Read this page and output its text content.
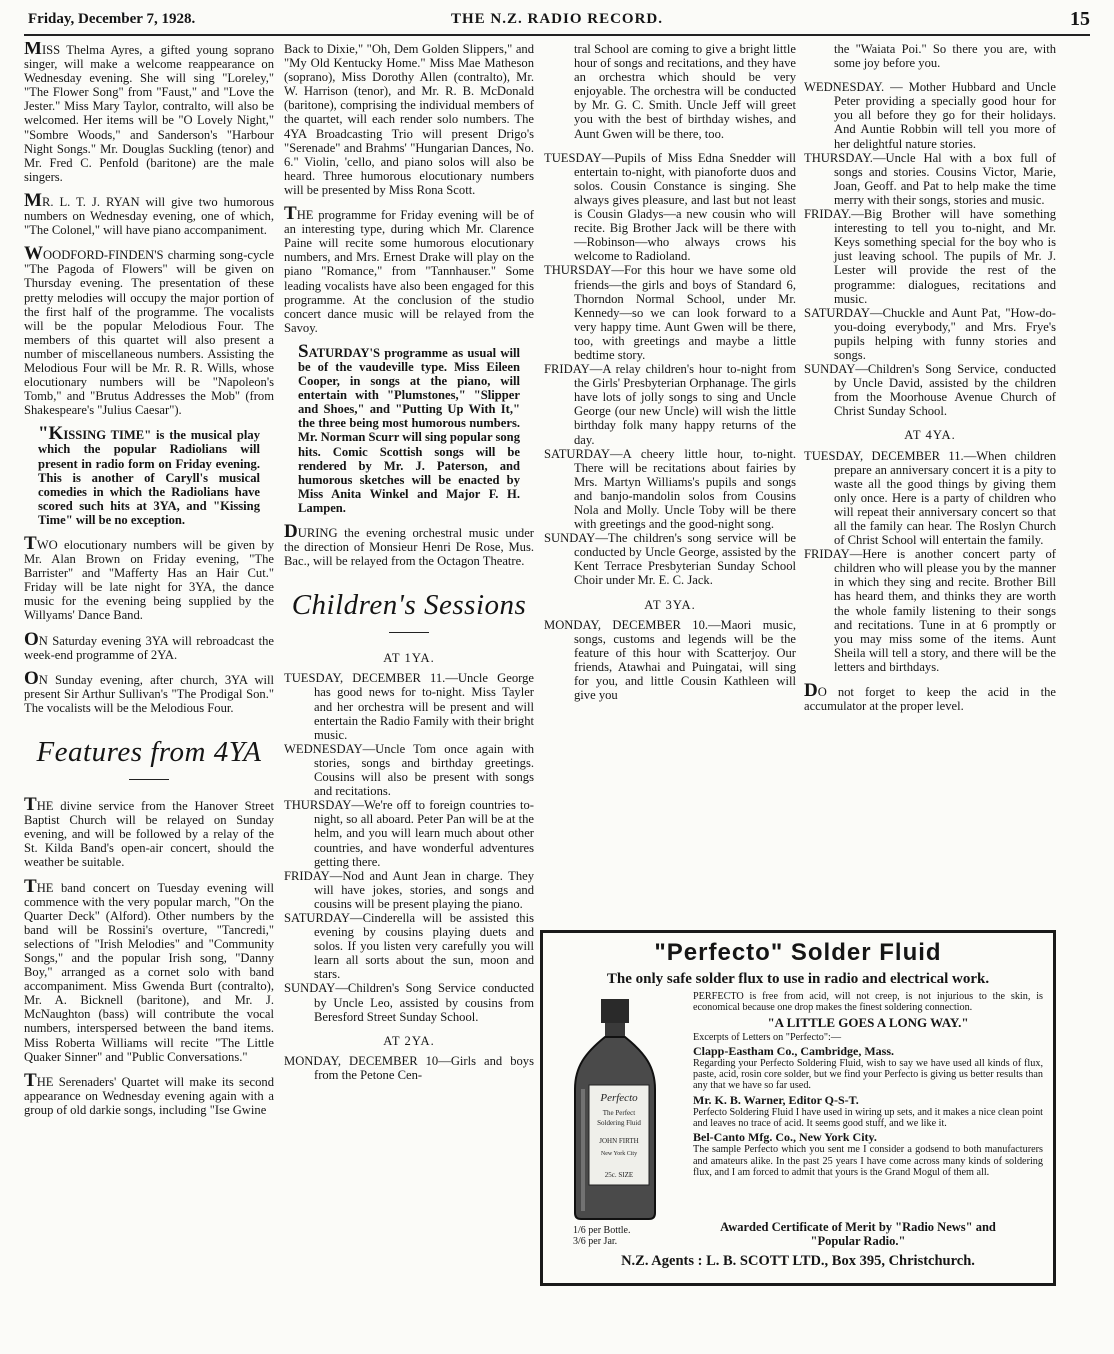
Friday, December 7, 1928.	THE N.Z. RADIO RECORD.	15

MISS Thelma Ayres, a gifted young soprano singer, will make a welcome reappearance on Wednesday evening. She will sing "Loreley," "The Flower Song" from "Faust," and "Love the Jester." Miss Mary Taylor, contralto, will also be welcomed. Her items will be "O Lovely Night," "Sombre Woods," and Sanderson's "Harbour Night Songs." Mr. Douglas Suckling (tenor) and Mr. Fred C. Penfold (baritone) are the male singers.

MR. L. T. J. RYAN will give two humorous numbers on Wednesday evening, one of which, "The Colonel," will have piano accompaniment.

WOODFORD-FINDEN'S charming song-cycle "The Pagoda of Flowers" will be given on Thursday evening. The presentation of these pretty melodies will occupy the major portion of the first half of the programme. The vocalists will be the popular Melodious Four. The members of this quartet will also present a number of miscellaneous numbers. Assisting the Melodious Four will be Mr. R. R. Wills, whose elocutionary numbers will be "Napoleon's Tomb," and "Brutus Addresses the Mob" (from Shakespeare's "Julius Caesar").

"KISSING TIME" is the musical play which the popular Radiolians will present in radio form on Friday evening. This is another of Caryll's musical comedies in which the Radiolians have scored such hits at 3YA, and "Kissing Time" will be no exception.

TWO elocutionary numbers will be given by Mr. Alan Brown on Friday evening, "The Barrister" and "Mafferty Has an Hair Cut." Friday will be late night for 3YA, the dance music for the evening being supplied by the Willyams' Dance Band.

ON Saturday evening 3YA will rebroadcast the week-end programme of 2YA.

ON Sunday evening, after church, 3YA will present Sir Arthur Sullivan's "The Prodigal Son." The vocalists will be the Melodious Four.

Features from 4YA

THE divine service from the Hanover Street Baptist Church will be relayed on Sunday evening, and will be followed by a relay of the St. Kilda Band's open-air concert, should the weather be suitable.

THE band concert on Tuesday evening will commence with the very popular march, "On the Quarter Deck" (Alford). Other numbers by the band will be Rossini's overture, "Tancredi," selections of "Irish Melodies" and "Community Songs," and the popular Irish song, "Danny Boy," arranged as a cornet solo with band accompaniment. Miss Gwenda Burt (contralto), Mr. A. Bicknell (baritone), and Mr. J. McNaughton (bass) will contribute the vocal numbers, interspersed between the band items. Miss Roberta Williams will recite "The Little Quaker Sinner" and "Public Conversations."

THE Serenaders' Quartet will make its second appearance on Wednesday evening again with a group of old darkie songs, including "Ise Gwine

Back to Dixie," "Oh, Dem Golden Slippers," and "My Old Kentucky Home." Miss Mae Matheson (soprano), Miss Dorothy Allen (contralto), Mr. W. Harrison (tenor), and Mr. R. B. McDonald (baritone), comprising the individual members of the quartet, will each render solo numbers. The 4YA Broadcasting Trio will present Drigo's "Serenade" and Brahms' "Hungarian Dances, No. 6." Violin, 'cello, and piano solos will also be heard. Three humorous elocutionary numbers will be presented by Miss Rona Scott.

THE programme for Friday evening will be of an interesting type, during which Mr. Clarence Paine will recite some humorous elocutionary numbers, and Mrs. Ernest Drake will play on the piano "Romance," from "Tannhauser." Some leading vocalists have also been engaged for this programme. At the conclusion of the studio concert dance music will be relayed from the Savoy.

SATURDAY'S programme as usual will be of the vaudeville type. Miss Eileen Cooper, in songs at the piano, will entertain with "Plumstones," "Slipper and Shoes," and "Putting Up With It," the three being most humorous numbers. Mr. Norman Scurr will sing popular song hits. Comic Scottish songs will be rendered by Mr. J. Paterson, and humorous sketches will be enacted by Miss Anita Winkel and Major F. H. Lampen.

DURING the evening orchestral music under the direction of Monsieur Henri De Rose, Mus. Bac., will be relayed from the Octagon Theatre.

Children's Sessions

AT 1YA.

TUESDAY, DECEMBER 11.—Uncle George has good news for to-night. Miss Tayler and her orchestra will be present and will entertain the Radio Family with their bright music.

WEDNESDAY—Uncle Tom once again with stories, songs and birthday greetings. Cousins will also be present with songs and recitations.

THURSDAY—We're off to foreign countries to-night, so all aboard. Peter Pan will be at the helm, and you will learn much about other countries, and have wonderful adventures getting there.

FRIDAY—Nod and Aunt Jean in charge. They will have jokes, stories, and songs and cousins will be present playing the piano.

SATURDAY—Cinderella will be assisted this evening by cousins playing duets and solos. If you listen very carefully you will learn all sorts about the sun, moon and stars.

SUNDAY—Children's Song Service conducted by Uncle Leo, assisted by cousins from Beresford Street Sunday School.

AT 2YA.

MONDAY, DECEMBER 10—Girls and boys from the Petone Cen-

tral School are coming to give a bright little hour of songs and recitations, and they have an orchestra which should be very enjoyable. The orchestra will be conducted by Mr. G. C. Smith. Uncle Jeff will greet you with the best of birthday wishes, and Aunt Gwen will be there, too.

TUESDAY—Pupils of Miss Edna Snedder will entertain to-night, with pianoforte duos and solos. Cousin Constance is singing. She always gives pleasure, and last but not least is Cousin Gladys—a new cousin who will recite. Big Brother Jack will be there with—Robinson—who always crows his welcome to Radioland.

THURSDAY—For this hour we have some old friends—the girls and boys of Standard 6, Thorndon Normal School, under Mr. Kennedy—so we can look forward to a very happy time. Aunt Gwen will be there, too, with greetings and maybe a little bedtime story.

FRIDAY—A relay children's hour to-night from the Girls' Presbyterian Orphanage. The girls have lots of jolly songs to sing and Uncle George (our new Uncle) will wish the little birthday folk many happy returns of the day.

SATURDAY—A cheery little hour, to-night. There will be recitations about fairies by Mrs. Martyn Williams's pupils and songs and banjo-mandolin solos from Cousins Nola and Molly. Uncle Toby will be there with greetings and the good-night song.

SUNDAY—The children's song service will be conducted by Uncle George, assisted by the Kent Terrace Presbyterian Sunday School Choir under Mr. E. C. Jack.

AT 3YA.

MONDAY, DECEMBER 10.—Maori music, songs, customs and legends will be the feature of this hour with Scatterjoy. Our friends, Atawhai and Puingatai, will sing for you, and little Cousin Kathleen will give you

the "Waiata Poi." So there you are, with some joy before you.

WEDNESDAY. — Mother Hubbard and Uncle Peter providing a specially good hour for you all before they go for their holidays. And Auntie Robbin will tell you more of her delightful nature stories.

THURSDAY.—Uncle Hal with a box full of songs and stories. Cousins Victor, Marie, Joan, Geoff. and Pat to help make the time merry with their songs, stories and music.

FRIDAY.—Big Brother will have something interesting to tell you to-night, and Mr. Keys something special for the boy who is just leaving school. The pupils of Mr. J. Lester will provide the rest of the programme: dialogues, recitations and music.

SATURDAY—Chuckle and Aunt Pat, "How-do-you-doing everybody," and Mrs. Frye's pupils helping with funny stories and songs.

SUNDAY—Children's Song Service, conducted by Uncle David, assisted by the children from the Moorhouse Avenue Church of Christ Sunday School.

AT 4YA.

TUESDAY, DECEMBER 11.—When children prepare an anniversary concert it is a pity to waste all the good things by giving them only once. Here is a party of children who will repeat their anniversary concert so that all the family can hear. The Roslyn Church of Christ School will entertain the family.

FRIDAY—Here is another concert party of children who will please you by the manner in which they sing and recite. Brother Bill has heard them, and thinks they are worth the whole family listening to their songs and recitations. Tune in at 6 promptly or you may miss some of the items. Aunt Sheila will tell a story, and there will be the letters and birthdays.

DO not forget to keep the acid in the accumulator at the proper level.

"Perfecto" Solder Fluid
The only safe solder flux to use in radio and electrical work.
Perfecto
The Perfect
Soldering Fluid
JOHN FIRTH
New York City
25c. SIZE

PERFECTO is free from acid, will not creep, is not injurious to the skin, is economical because one drop makes the finest soldering connection.

"A LITTLE GOES A LONG WAY."

Excerpts of Letters on "Perfecto":—

Clapp-Eastham Co., Cambridge, Mass.

Regarding your Perfecto Soldering Fluid, wish to say we have used all kinds of flux, paste, acid, rosin core solder, but we find your Perfecto is giving us better results than any that we have so far used.

Mr. K. B. Warner, Editor Q-S-T.

Perfecto Soldering Fluid I have used in wiring up sets, and it makes a nice clean point and leaves no trace of acid. It seems good stuff, and we like it.

Bel-Canto Mfg. Co., New York City.

The sample Perfecto which you sent me I consider a godsend to both manufacturers and amateurs alike. In the past 25 years I have come across many kinds of soldering flux, and I am forced to admit that yours is the Grand Mogul of them all.

1/6 per Bottle.
3/6 per Jar.
Awarded Certificate of Merit by "Radio News" and "Popular Radio."
N.Z. Agents : L. B. SCOTT LTD., Box 395, Christchurch.
